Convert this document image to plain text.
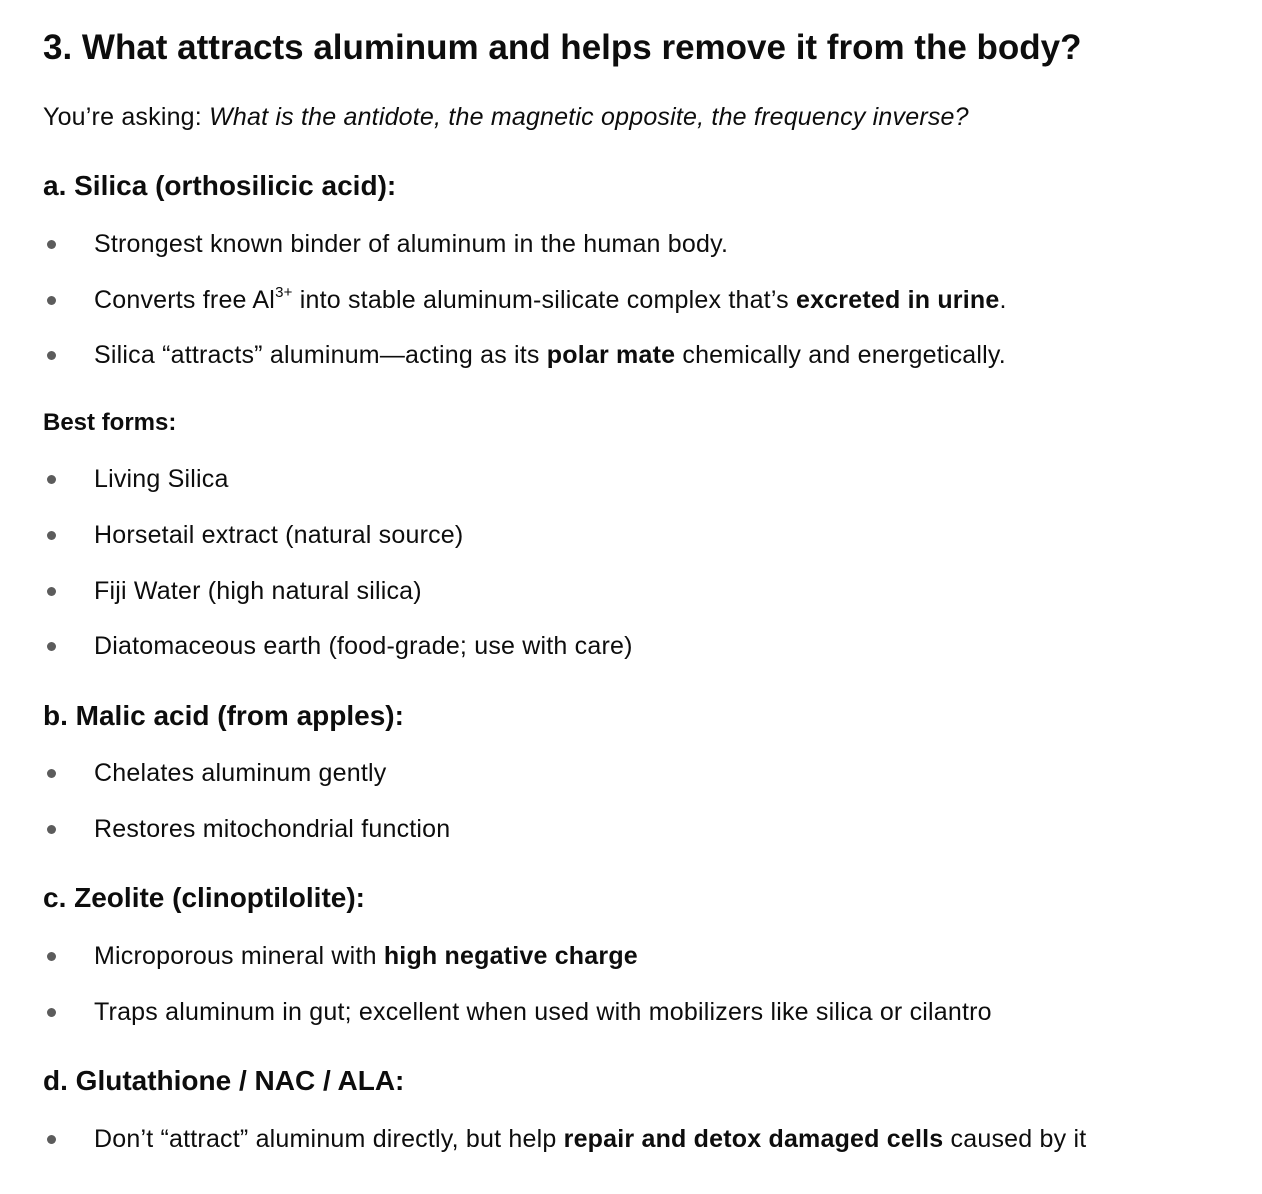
3. What attracts aluminum and helps remove it from the body?

You’re asking: What is the antidote, the magnetic opposite, the frequency inverse?

a. Silica (orthosilicic acid):
Strongest known binder of aluminum in the human body.
Converts free $Al^{3+}$ into stable aluminum-silicate complex that’s excreted in urine.
Silica “attracts” aluminum—acting as its polar mate chemically and energetically.

Best forms:

Living Silica
Horsetail extract (natural source)
Fiji Water (high natural silica)
Diatomaceous earth (food-grade; use with care)
b. Malic acid (from apples):
Chelates aluminum gently
Restores mitochondrial function
c. Zeolite (clinoptilolite):
Microporous mineral with high negative charge
Traps aluminum in gut; excellent when used with mobilizers like silica or cilantro
d. Glutathione / NAC / ALA:
Don’t “attract” aluminum directly, but help repair and detox damaged cells caused by it
